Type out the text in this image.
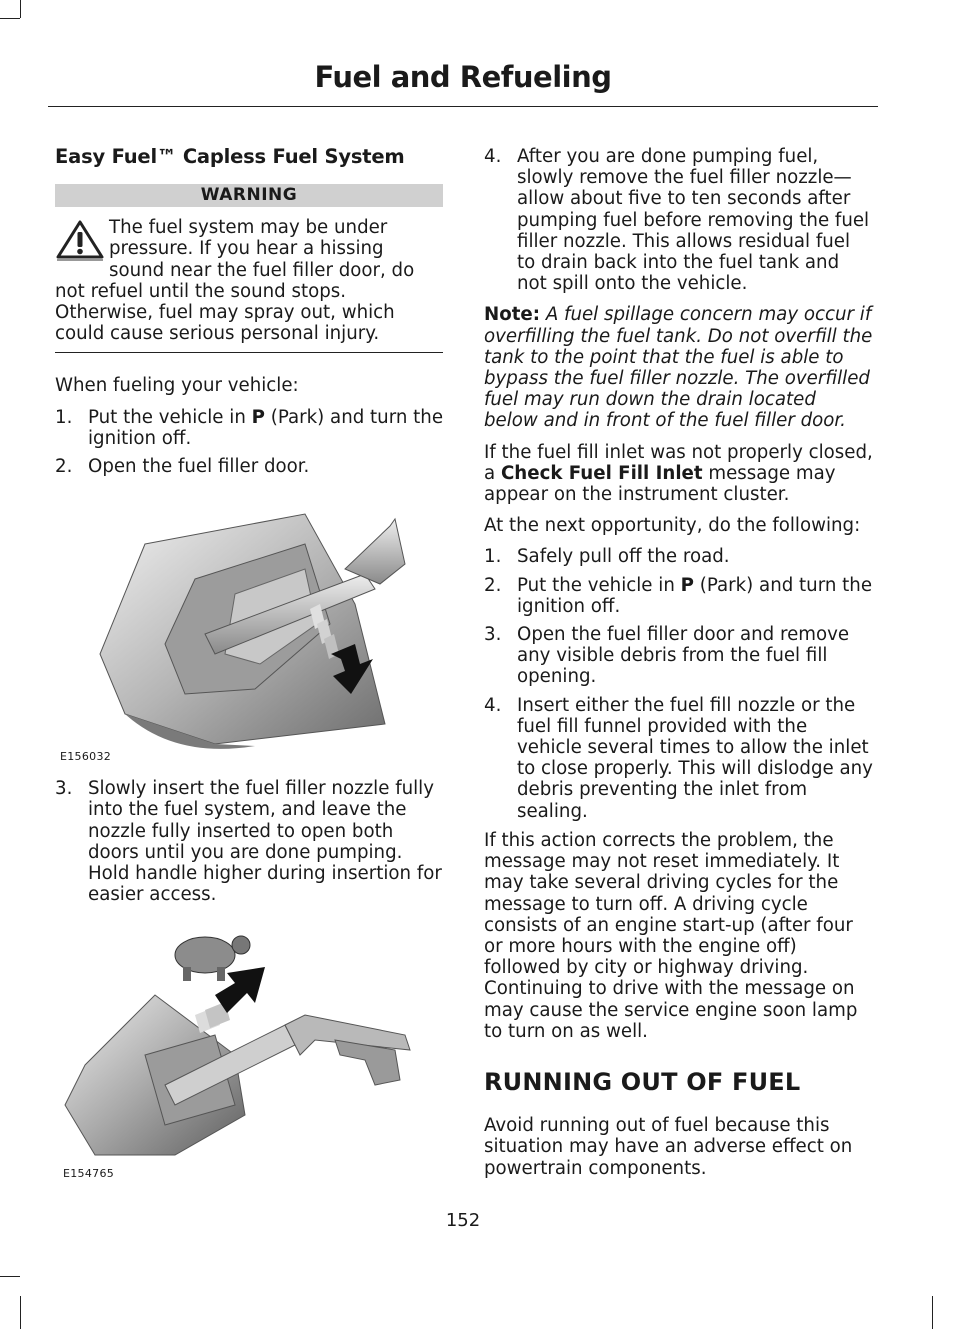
Fuel and Refueling
Easy Fuel™ Capless Fuel System
WARNING

The fuel system may be under pressure. If you hear a hissing sound near the fuel filler door, do not refuel until the sound stops. Otherwise, fuel may spray out, which could cause serious personal injury.

When fueling your vehicle:

1. Put the vehicle in P (Park) and turn the ignition off.
2. Open the fuel filler door.
E156032
3. Slowly insert the fuel filler nozzle fully into the fuel system, and leave the nozzle fully inserted to open both doors until you are done pumping. Hold handle higher during insertion for easier access.
E154765
4. After you are done pumping fuel, slowly remove the fuel filler nozzle—allow about five to ten seconds after pumping fuel before removing the fuel filler nozzle. This allows residual fuel to drain back into the fuel tank and not spill onto the vehicle.

Note: A fuel spillage concern may occur if overfilling the fuel tank. Do not overfill the tank to the point that the fuel is able to bypass the fuel filler nozzle. The overfilled fuel may run down the drain located below and in front of the fuel filler door.

If the fuel fill inlet was not properly closed, a Check Fuel Fill Inlet message may appear on the instrument cluster.

At the next opportunity, do the following:

1. Safely pull off the road.
2. Put the vehicle in P (Park) and turn the ignition off.
3. Open the fuel filler door and remove any visible debris from the fuel fill opening.
4. Insert either the fuel fill nozzle or the fuel fill funnel provided with the vehicle several times to allow the inlet to close properly. This will dislodge any debris preventing the inlet from sealing.

If this action corrects the problem, the message may not reset immediately. It may take several driving cycles for the message to turn off. A driving cycle consists of an engine start-up (after four or more hours with the engine off) followed by city or highway driving. Continuing to drive with the message on may cause the service engine soon lamp to turn on as well.

RUNNING OUT OF FUEL

Avoid running out of fuel because this situation may have an adverse effect on powertrain components.

152
